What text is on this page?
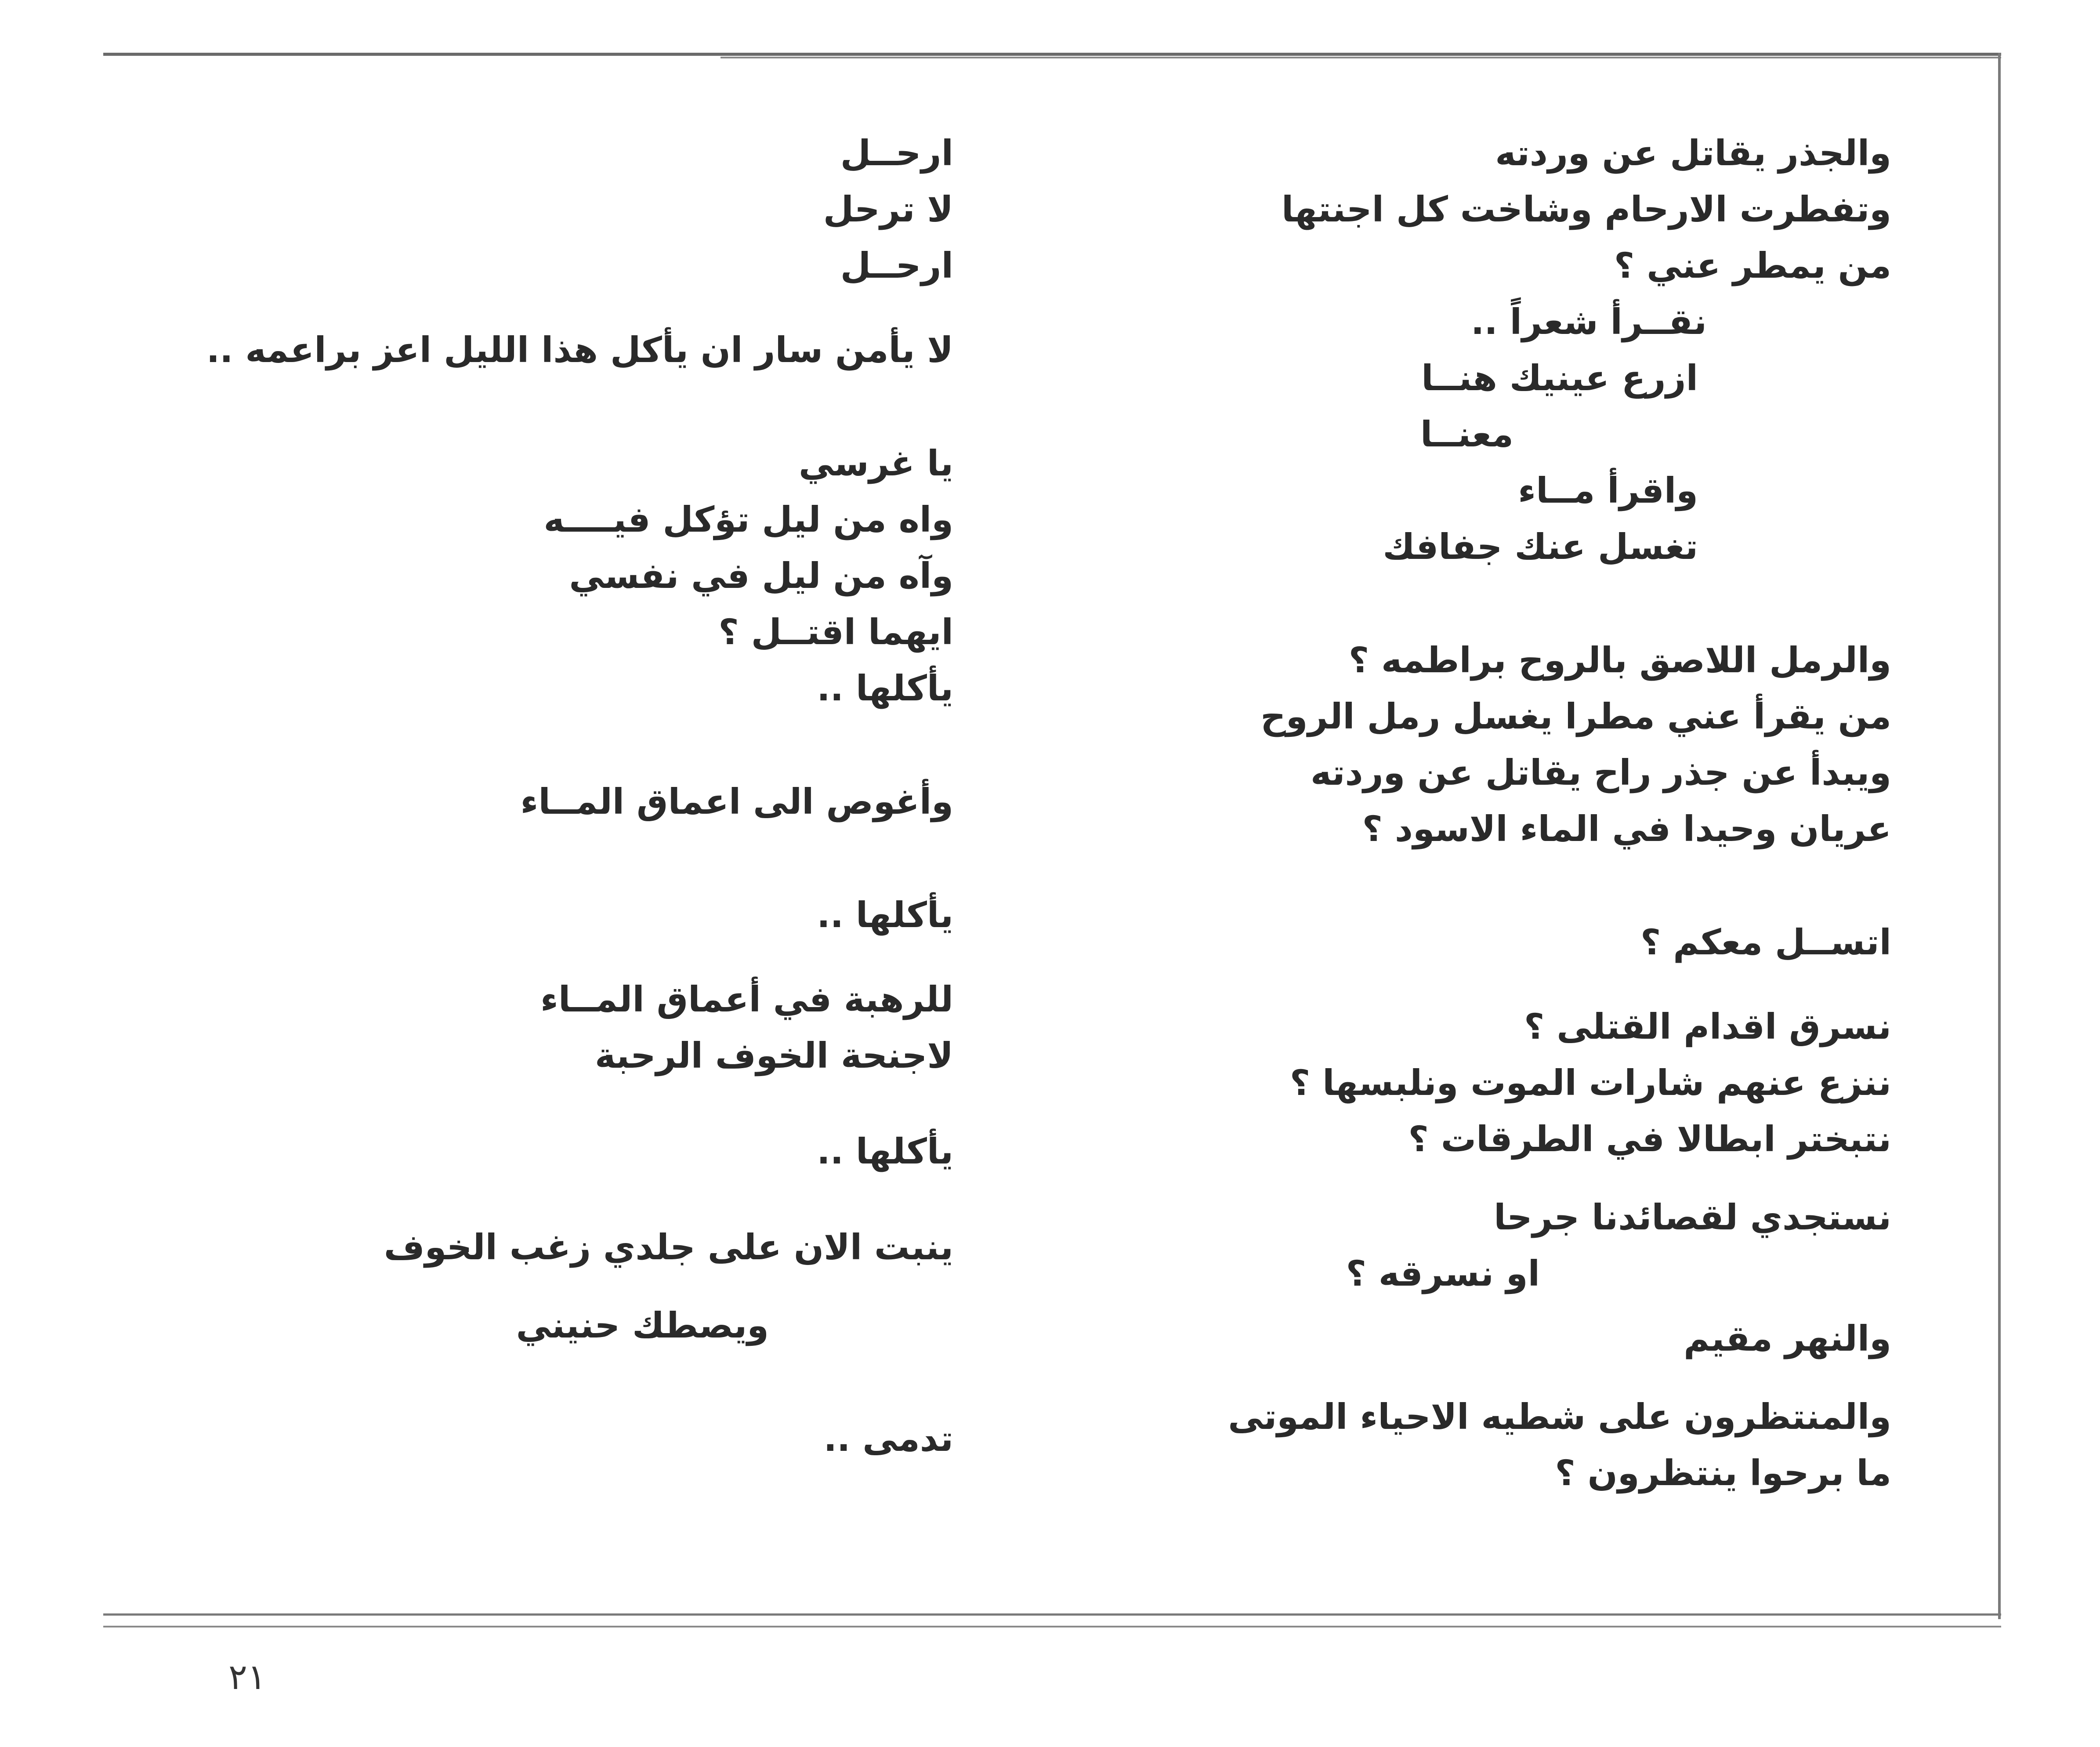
والجذر يقاتل عن وردته
وتفطرت الارحام وشاخت كل اجنتها
من يمطر عني ؟
نقــرأ شعراً ..
ازرع عينيك هنــا
معنــا
واقرأ مــاء
تغسل عنك جفافك
والرمل اللاصق بالروح براطمه ؟
من يقرأ عني مطرا يغسل رمل الروح
ويبدأ عن جذر راح يقاتل عن وردته
عريان وحيدا في الماء الاسود ؟
اتســل معكم ؟
نسرق اقدام القتلى ؟
ننزع عنهم شارات الموت ونلبسها ؟
نتبختر ابطالا في الطرقات ؟
نستجدي لقصائدنا جرحا
او نسرقه ؟
والنهر مقيم
والمنتظرون على شطيه الاحياء الموتى
ما برحوا ينتظرون ؟
ارحــل
لا ترحل
ارحــل
لا يأمن سار ان يأكل هذا الليل اعز براعمه ..
يا غرسي
واه من ليل تؤكل فيــــه
وآه من ليل في نفسي
ايهما اقتــل ؟
يأكلها ..
وأغوص الى اعماق المــاء
يأكلها ..
للرهبة في أعماق المــاء
لاجنحة الخوف الرحبة
يأكلها ..
ينبت الان على جلدي زغب الخوف
ويصطك حنيني
تدمى ..
٢١
